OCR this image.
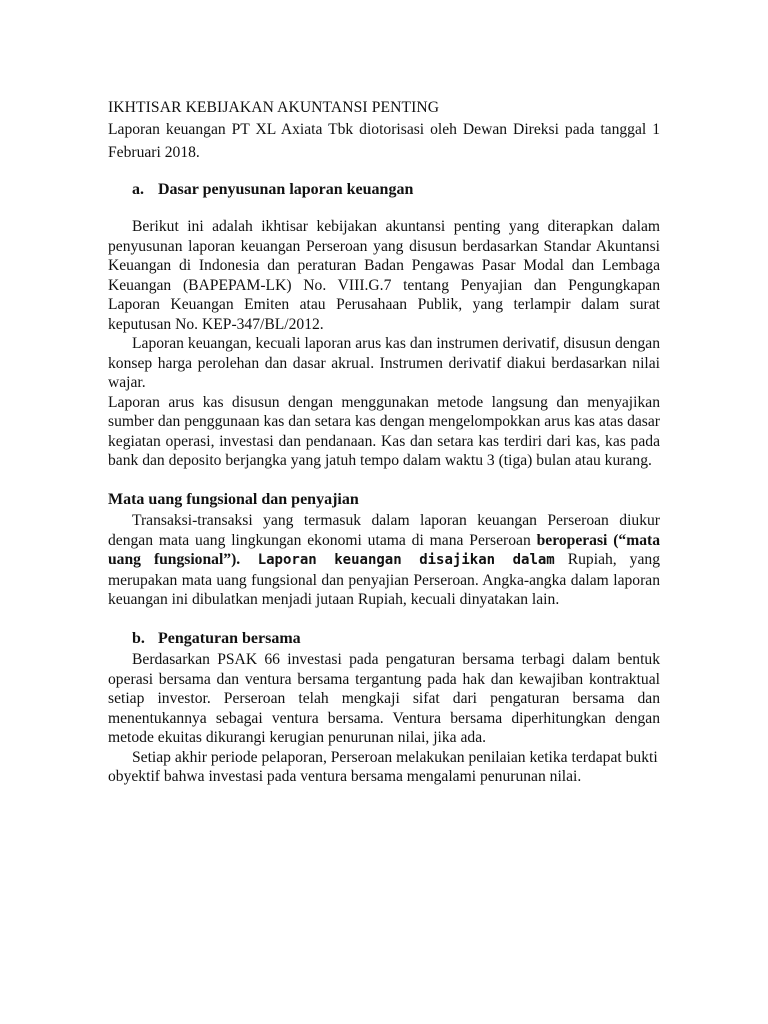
IKHTISAR KEBIJAKAN AKUNTANSI PENTING

Laporan keuangan PT XL Axiata Tbk diotorisasi oleh Dewan Direksi pada tanggal 1 Februari 2018.

a. Dasar penyusunan laporan keuangan

Berikut ini adalah ikhtisar kebijakan akuntansi penting yang diterapkan dalam penyusunan laporan keuangan Perseroan yang disusun berdasarkan Standar Akuntansi Keuangan di Indonesia dan peraturan Badan Pengawas Pasar Modal dan Lembaga Keuangan (BAPEPAM-LK) No. VIII.G.7 tentang Penyajian dan Pengungkapan Laporan Keuangan Emiten atau Perusahaan Publik, yang terlampir dalam surat keputusan No. KEP-347/BL/2012.

Laporan keuangan, kecuali laporan arus kas dan instrumen derivatif, disusun dengan konsep harga perolehan dan dasar akrual. Instrumen derivatif diakui berdasarkan nilai wajar.

Laporan arus kas disusun dengan menggunakan metode langsung dan menyajikan sumber dan penggunaan kas dan setara kas dengan mengelompokkan arus kas atas dasar kegiatan operasi, investasi dan pendanaan. Kas dan setara kas terdiri dari kas, kas pada bank dan deposito berjangka yang jatuh tempo dalam waktu 3 (tiga) bulan atau kurang.

Mata uang fungsional dan penyajian

Transaksi-transaksi yang termasuk dalam laporan keuangan Perseroan diukur dengan mata uang lingkungan ekonomi utama di mana Perseroan beroperasi (“mata uang fungsional”). Laporan keuangan disajikan dalam Rupiah, yang merupakan mata uang fungsional dan penyajian Perseroan. Angka-angka dalam laporan keuangan ini dibulatkan menjadi jutaan Rupiah, kecuali dinyatakan lain.

b. Pengaturan bersama

Berdasarkan PSAK 66 investasi pada pengaturan bersama terbagi dalam bentuk operasi bersama dan ventura bersama tergantung pada hak dan kewajiban kontraktual setiap investor. Perseroan telah mengkaji sifat dari pengaturan bersama dan menentukannya sebagai ventura bersama. Ventura bersama diperhitungkan dengan metode ekuitas dikurangi kerugian penurunan nilai, jika ada.

Setiap akhir periode pelaporan, Perseroan melakukan penilaian ketika terdapat bukti

obyektif bahwa investasi pada ventura bersama mengalami penurunan nilai.
